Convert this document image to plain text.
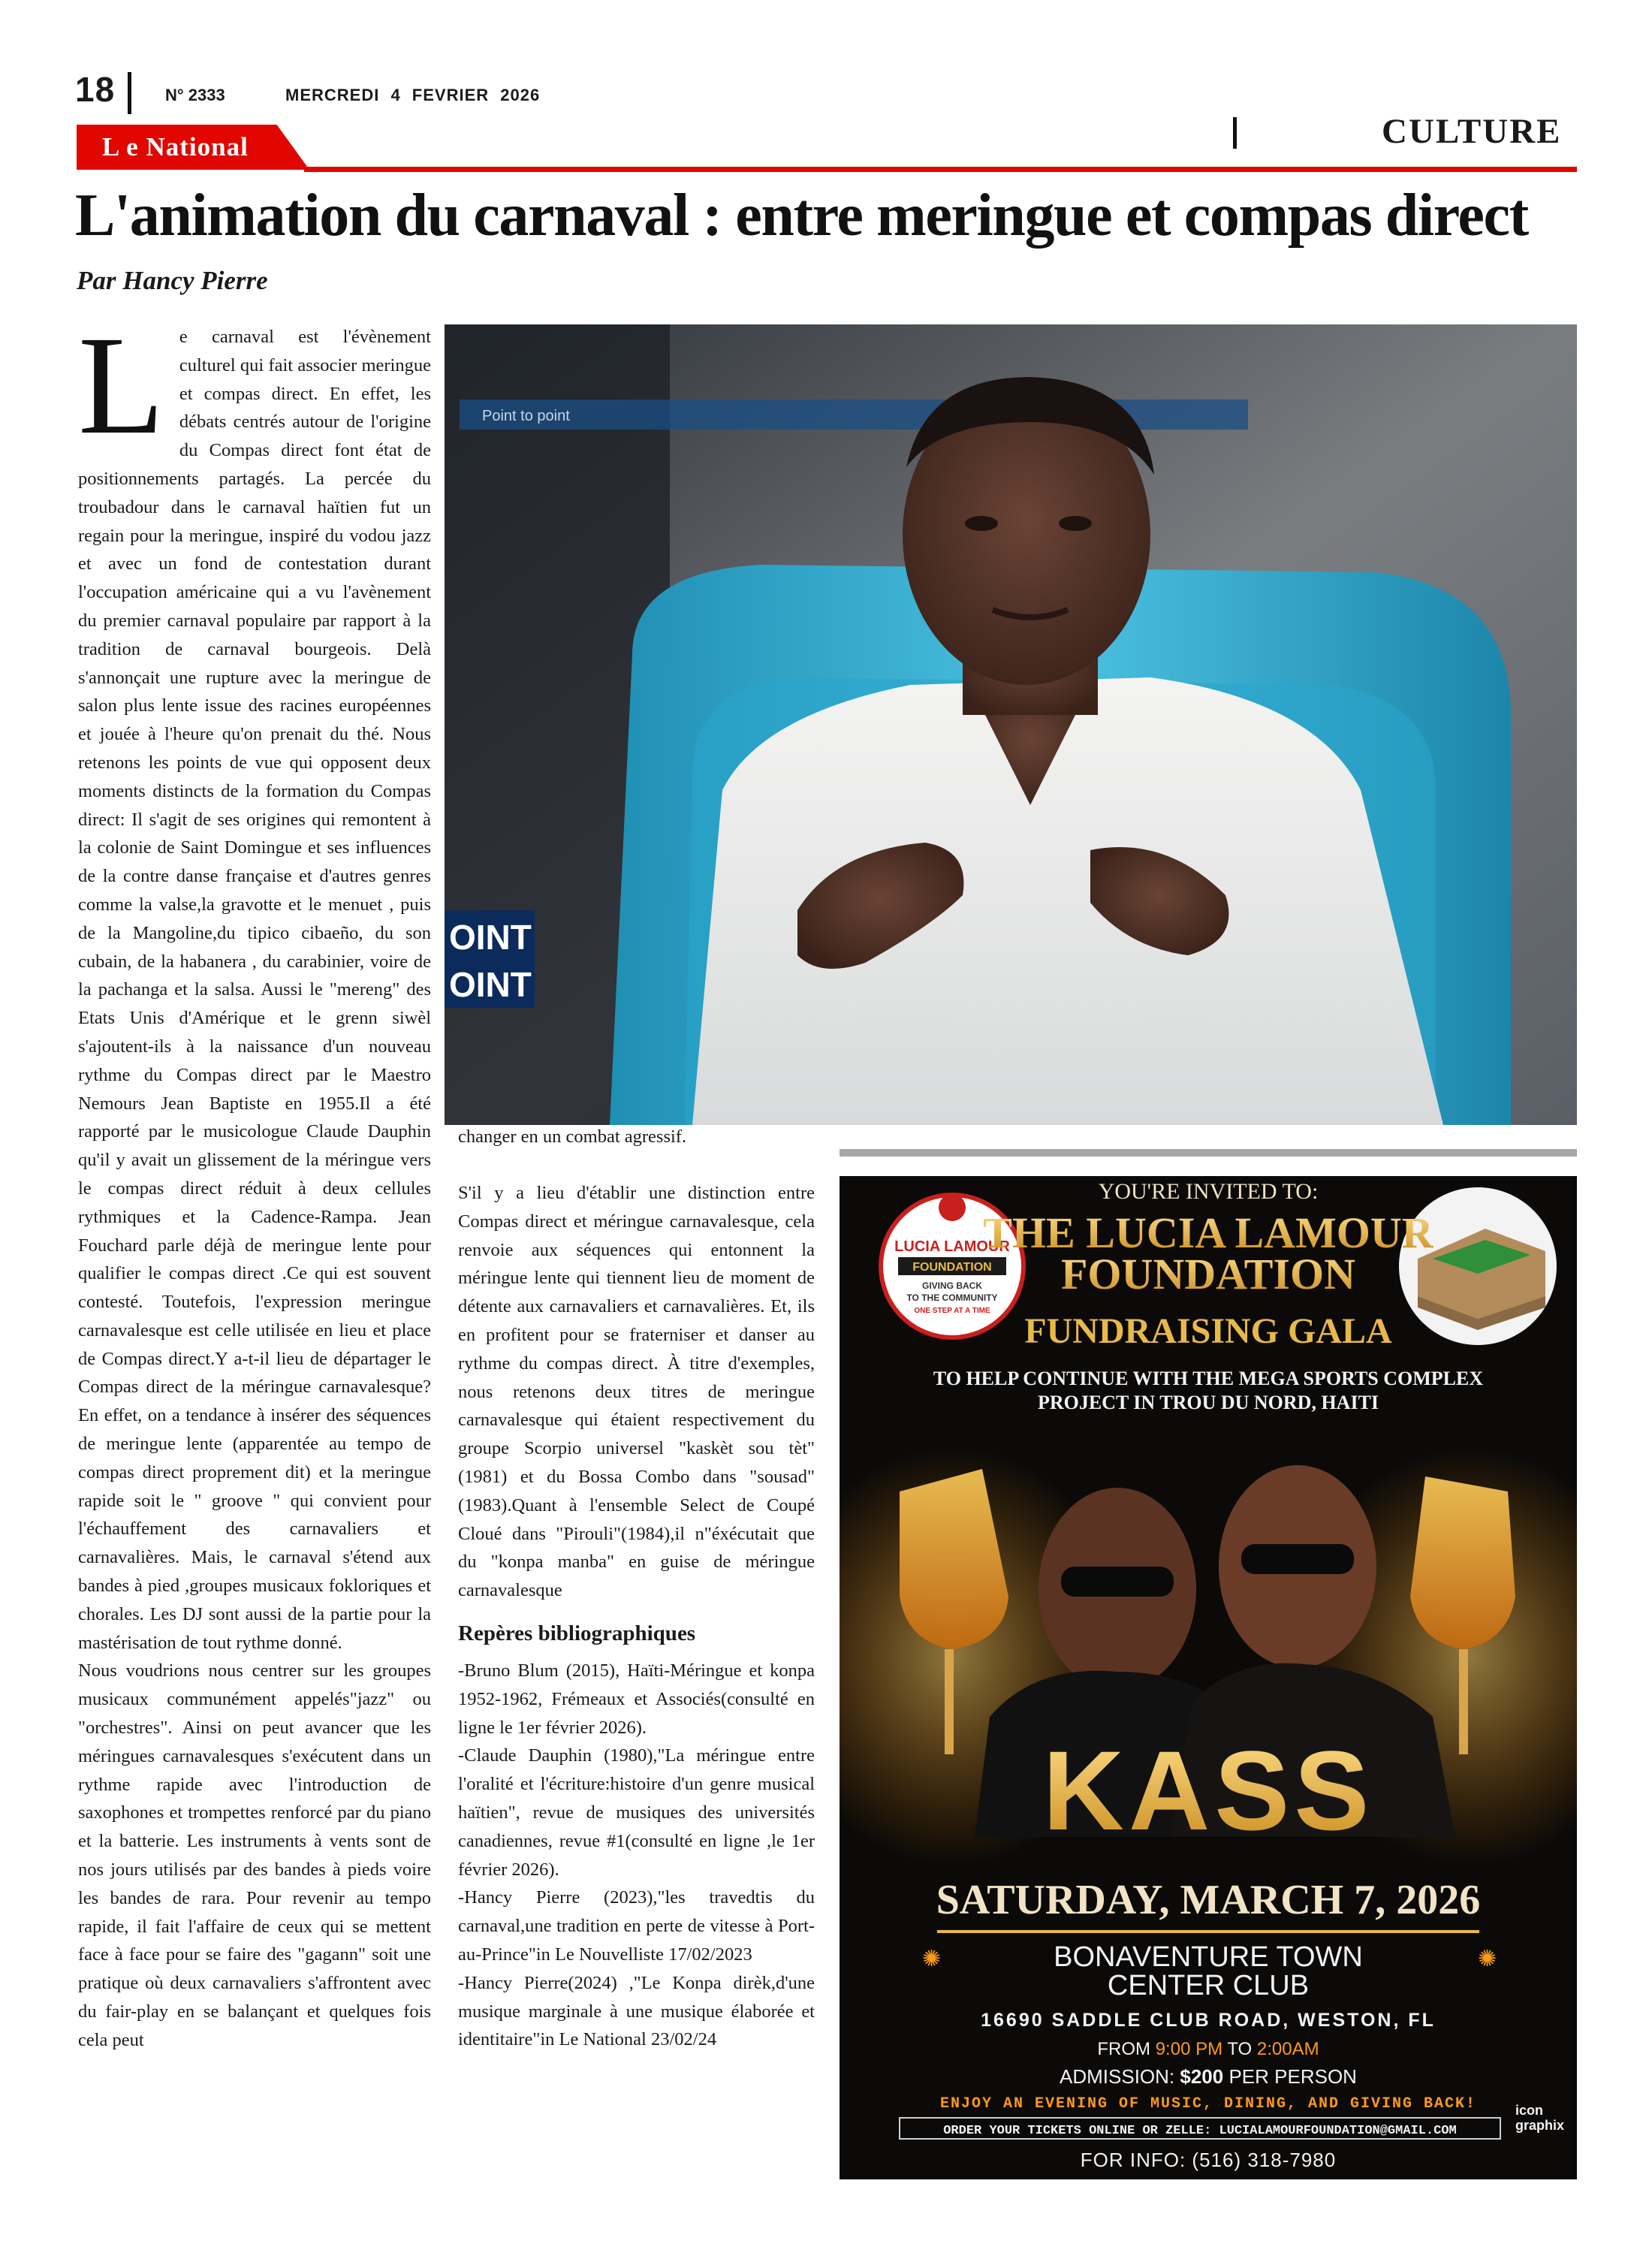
18	N° 2333	MERCREDI 4 FEVRIER 2026
L e National	CULTURE
L'animation du carnaval : entre meringue et compas direct
Par Hancy Pierre

Le carnaval est l'évènement culturel qui fait associer meringue et compas direct. En effet, les débats centrés autour de l'origine du Compas direct font état de positionnements partagés. La percée du troubadour dans le carnaval haïtien fut un regain pour la meringue, inspiré du vodou jazz et avec un fond de contestation durant l'occupation américaine qui a vu l'avènement du premier carnaval populaire par rapport à la tradition de carnaval bourgeois. Delà s'annonçait une rupture avec la meringue de salon plus lente issue des racines européennes et jouée à l'heure qu'on prenait du thé. Nous retenons les points de vue qui opposent deux moments distincts de la formation du Compas direct: Il s'agit de ses origines qui remontent à la colonie de Saint Domingue et ses influences de la contre danse française et d'autres genres comme la valse,la gravotte et le menuet , puis de la Mangoline,du tipico cibaeño, du son cubain, de la habanera , du carabinier, voire de la pachanga et la salsa. Aussi le "mereng" des Etats Unis d'Amérique et le grenn siwèl s'ajoutent-ils à la naissance d'un nouveau rythme du Compas direct par le Maestro Nemours Jean Baptiste en 1955.Il a été rapporté par le musicologue Claude Dauphin qu'il y avait un glissement de la méringue vers le compas direct réduit à deux cellules rythmiques et la Cadence-Rampa. Jean Fouchard parle déjà de meringue lente pour qualifier le compas direct .Ce qui est souvent contesté. Toutefois, l'expression meringue carnavalesque est celle utilisée en lieu et place de Compas direct.Y a-t-il lieu de départager le Compas direct de la méringue carnavalesque? En effet, on a tendance à insérer des séquences de meringue lente (apparentée au tempo de compas direct proprement dit) et la meringue rapide soit le " groove " qui convient pour l'échauffement des carnavaliers et carnavalières. Mais, le carnaval s'étend aux bandes à pied ,groupes musicaux fokloriques et chorales. Les DJ sont aussi de la partie pour la mastérisation de tout rythme donné.

Nous voudrions nous centrer sur les groupes musicaux communément appelés"jazz" ou "orchestres". Ainsi on peut avancer que les méringues carnavalesques s'exécutent dans un rythme rapide avec l'introduction de saxophones et trompettes renforcé par du piano et la batterie. Les instruments à vents sont de nos jours utilisés par des bandes à pieds voire les bandes de rara. Pour revenir au tempo rapide, il fait l'affaire de ceux qui se mettent face à face pour se faire des "gagann" soit une pratique où deux carnavaliers s'affrontent avec du fair-play en se balançant et quelques fois cela peut

Point to point
OINT
OINT
changer en un combat agressif.

S'il y a lieu d'établir une distinction entre Compas direct et méringue carnavalesque, cela renvoie aux séquences qui entonnent la méringue lente qui tiennent lieu de moment de détente aux carnavaliers et carnavalières. Et, ils en profitent pour se fraterniser et danser au rythme du compas direct. À titre d'exemples, nous retenons deux titres de meringue carnavalesque qui étaient respectivement du groupe Scorpio universel "kaskèt sou tèt" (1981) et du Bossa Combo dans "sousad" (1983).Quant à l'ensemble Select de Coupé Cloué dans "Pirouli"(1984),il n"éxécutait que du "konpa manba" en guise de méringue carnavalesque

Repères bibliographiques

-Bruno Blum (2015), Haïti-Méringue et konpa 1952-1962, Frémeaux et Associés(consulté en ligne le 1er février 2026).

-Claude Dauphin (1980),"La méringue entre l'oralité et l'écriture:histoire d'un genre musical haïtien", revue de musiques des universités canadiennes, revue #1(consulté en ligne ,le 1er février 2026).

-Hancy Pierre (2023),"les travedtis du carnaval,une tradition en perte de vitesse à Port-au-Prince"in Le Nouvelliste 17/02/2023

-Hancy Pierre(2024) ,"Le Konpa dirèk,d'une musique marginale à une musique élaborée et identitaire"in Le National 23/02/24

LUCIA LAMOUR
FOUNDATION
GIVING BACK
TO THE COMMUNITY
ONE STEP AT A TIME
YOU'RE INVITED TO:
THE LUCIA LAMOUR
FOUNDATION
FUNDRAISING GALA
TO HELP CONTINUE WITH THE MEGA SPORTS COMPLEX
PROJECT IN TROU DU NORD, HAITI
KASS
SATURDAY, MARCH 7, 2026
✺	✺
BONAVENTURE TOWN
CENTER CLUB
16690 SADDLE CLUB ROAD, WESTON, FL
FROM 9:00 PM TO 2:00AM
ADMISSION: $200 PER PERSON
ENJOY AN EVENING OF MUSIC, DINING, AND GIVING BACK!
ORDER YOUR TICKETS ONLINE OR ZELLE: LUCIALAMOURFOUNDATION@GMAIL.COM
icon
graphix
FOR INFO: (516) 318-7980
